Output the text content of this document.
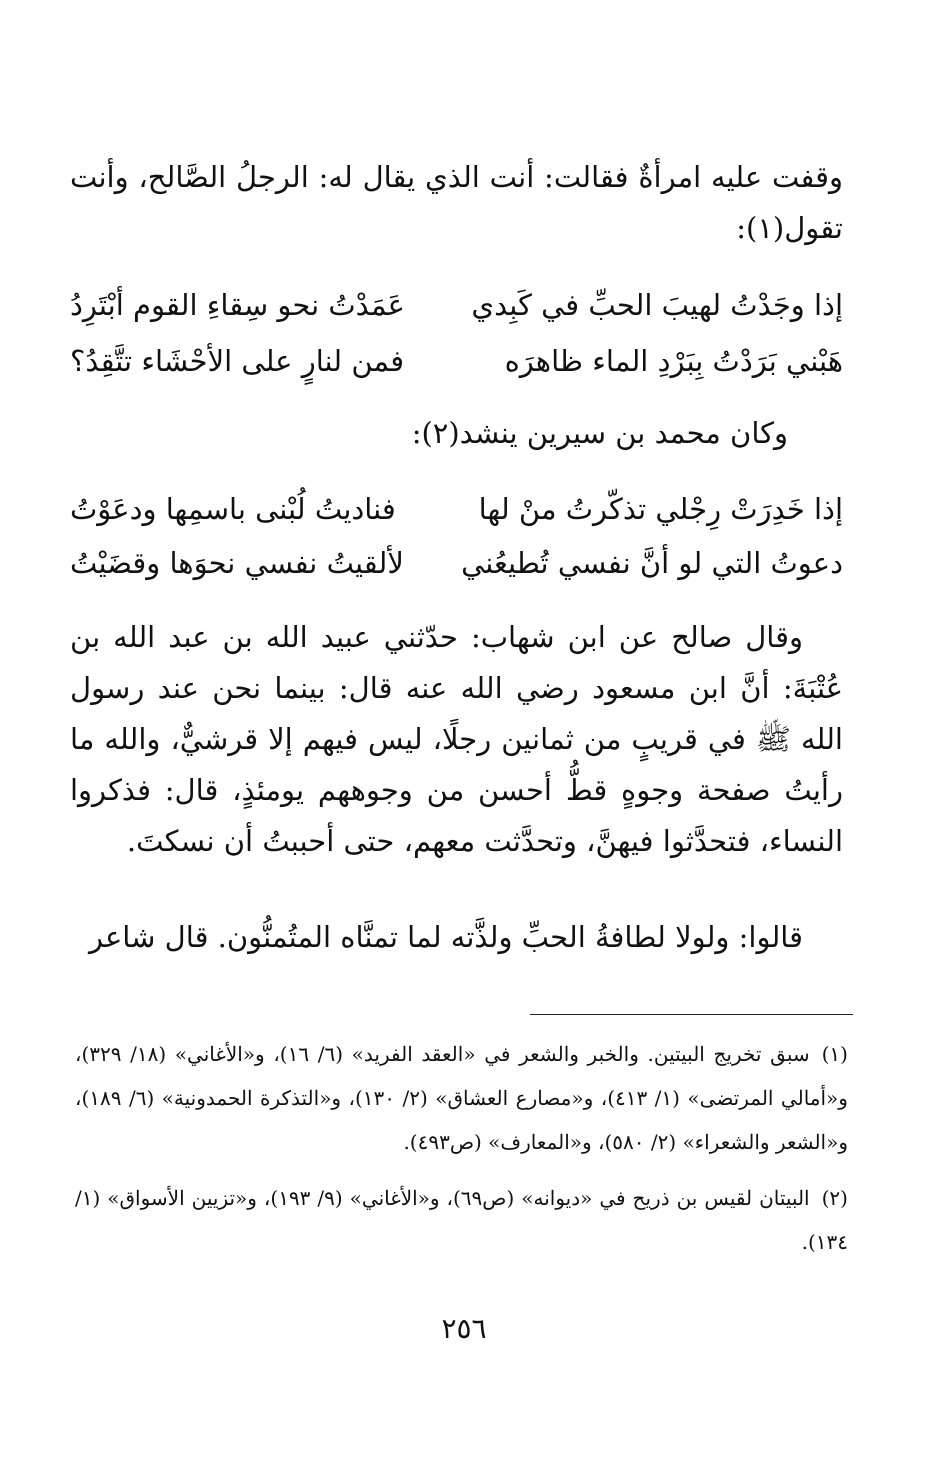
وقفت عليه امرأةٌ فقالت: أنت الذي يقال له: الرجلُ الصَّالح، وأنت تقول(١):

إذا وجَدْتُ لهيبَ الحبِّ في كَبِدي
عَمَدْتُ نحو سِقاءِ القوم أبْتَرِدُ
هَبْني بَرَدْتُ بِبَرْدِ الماء ظاهرَه
فمن لنارٍ على الأحْشَاء تتَّقِدُ؟

وكان محمد بن سيرين ينشد(٢):

إذا خَدِرَتْ رِجْلي تذكّرتُ منْ لها
فناديتُ لُبْنى باسمِها ودعَوْتُ
دعوتُ التي لو أنَّ نفسي تُطيعُني
لألقيتُ نفسي نحوَها وقضَيْتُ

وقال صالح عن ابن شهاب: حدّثني عبيد الله بن عبد الله بن عُتْبَةَ: أنَّ ابن مسعود رضي الله عنه قال: بينما نحن عند رسول الله ﷺ في قريبٍ من ثمانين رجلًا، ليس فيهم إلا قرشيٌّ، والله ما رأيتُ صفحة وجوهٍ قطُّ أحسن من وجوههم يومئذٍ، قال: فذكروا النساء، فتحدَّثوا فيهنَّ، وتحدَّثت معهم، حتى أحببتُ أن نسكتَ.

قالوا: ولولا لطافةُ الحبِّ ولذَّته لما تمنَّاه المتُمنُّون. قال شاعر

(١)سبق تخريج البيتين. والخبر والشعر في «العقد الفريد» (٦/ ١٦)، و«الأغاني» (١٨/ ٣٢٩)، و«أمالي المرتضى» (١/ ٤١٣)، و«مصارع العشاق» (٢/ ١٣٠)، و«التذكرة الحمدونية» (٦/ ١٨٩)، و«الشعر والشعراء» (٢/ ٥٨٠)، و«المعارف» (ص٤٩٣).

(٢)البيتان لقيس بن ذريح في «ديوانه» (ص٦٩)، و«الأغاني» (٩/ ١٩٣)، و«تزيين الأسواق» (١/ ١٣٤).

٢٥٦
